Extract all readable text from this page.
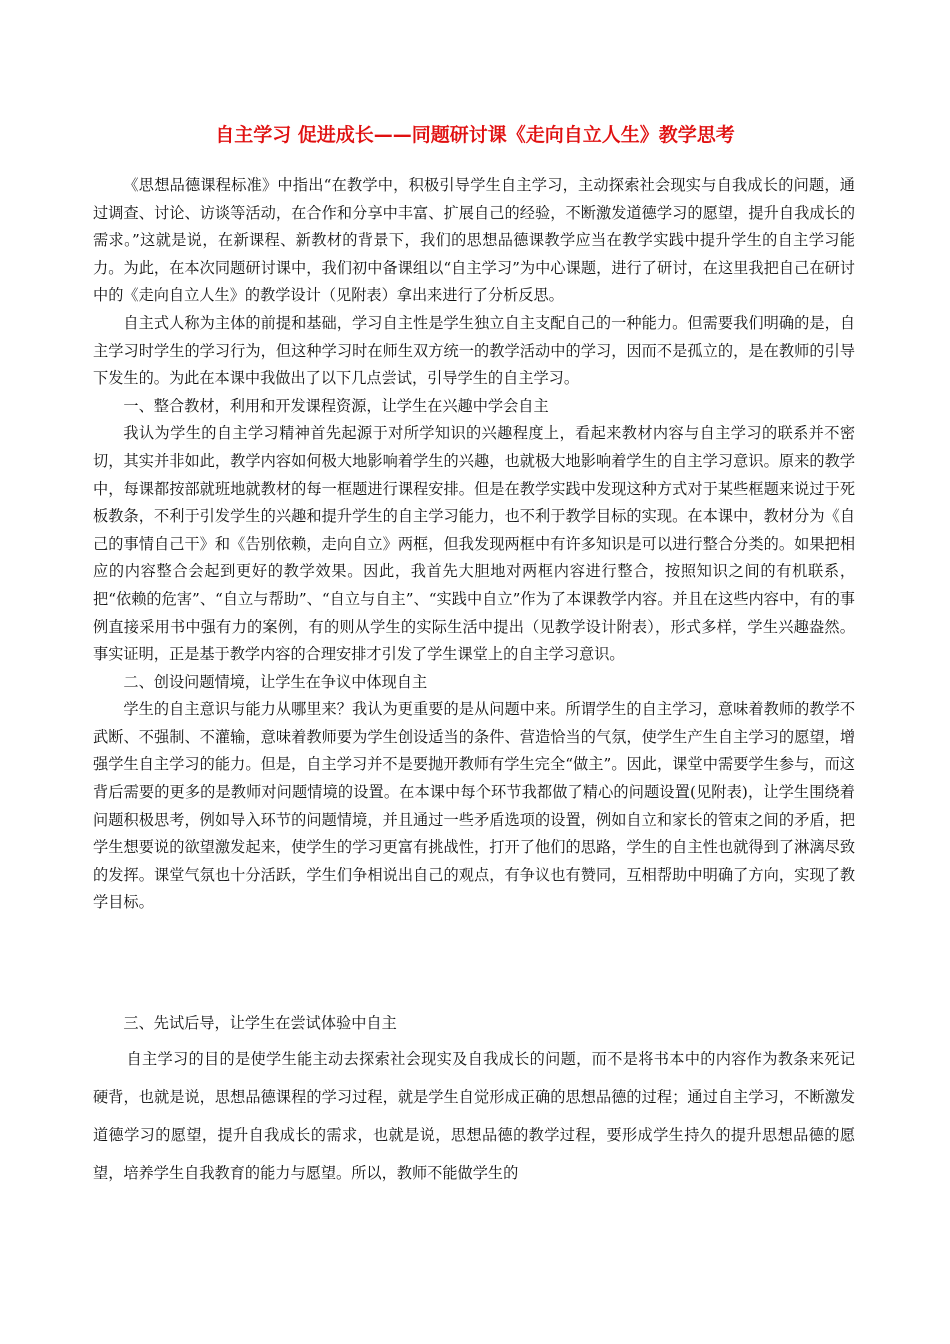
自主学习 促进成长——同题研讨课《走向自立人生》教学思考

《思想品德课程标准》中指出“在教学中，积极引导学生自主学习，主动探索社会现实与自我成长的问题，通过调查、讨论、访谈等活动，在合作和分享中丰富、扩展自己的经验，不断激发道德学习的愿望，提升自我成长的需求。”这就是说，在新课程、新教材的背景下，我们的思想品德课教学应当在教学实践中提升学生的自主学习能力。为此，在本次同题研讨课中，我们初中备课组以“自主学习”为中心课题，进行了研讨，在这里我把自己在研讨中的《走向自立人生》的教学设计（见附表）拿出来进行了分析反思。

自主式人称为主体的前提和基础，学习自主性是学生独立自主支配自己的一种能力。但需要我们明确的是，自主学习时学生的学习行为，但这种学习时在师生双方统一的教学活动中的学习，因而不是孤立的，是在教师的引导下发生的。为此在本课中我做出了以下几点尝试，引导学生的自主学习。

一、整合教材，利用和开发课程资源，让学生在兴趣中学会自主

我认为学生的自主学习精神首先起源于对所学知识的兴趣程度上，看起来教材内容与自主学习的联系并不密切，其实并非如此，教学内容如何极大地影响着学生的兴趣，也就极大地影响着学生的自主学习意识。原来的教学中，每课都按部就班地就教材的每一框题进行课程安排。但是在教学实践中发现这种方式对于某些框题来说过于死板教条，不利于引发学生的兴趣和提升学生的自主学习能力，也不利于教学目标的实现。在本课中，教材分为《自己的事情自己干》和《告别依赖，走向自立》两框，但我发现两框中有许多知识是可以进行整合分类的。如果把相应的内容整合会起到更好的教学效果。因此，我首先大胆地对两框内容进行整合，按照知识之间的有机联系，把“依赖的危害”、“自立与帮助”、“自立与自主”、“实践中自立”作为了本课教学内容。并且在这些内容中，有的事例直接采用书中强有力的案例，有的则从学生的实际生活中提出（见教学设计附表），形式多样，学生兴趣盎然。事实证明，正是基于教学内容的合理安排才引发了学生课堂上的自主学习意识。

二、创设问题情境，让学生在争议中体现自主

学生的自主意识与能力从哪里来？我认为更重要的是从问题中来。所谓学生的自主学习，意味着教师的教学不武断、不强制、不灌输，意味着教师要为学生创设适当的条件、营造恰当的气氛，使学生产生自主学习的愿望，增强学生自主学习的能力。但是，自主学习并不是要抛开教师有学生完全“做主”。因此，课堂中需要学生参与，而这背后需要的更多的是教师对问题情境的设置。在本课中每个环节我都做了精心的问题设置(见附表)，让学生围绕着问题积极思考，例如导入环节的问题情境，并且通过一些矛盾选项的设置，例如自立和家长的管束之间的矛盾，把学生想要说的欲望激发起来，使学生的学习更富有挑战性，打开了他们的思路，学生的自主性也就得到了淋漓尽致的发挥。课堂气氛也十分活跃，学生们争相说出自己的观点，有争议也有赞同，互相帮助中明确了方向，实现了教学目标。

三、先试后导，让学生在尝试体验中自主

自主学习的目的是使学生能主动去探索社会现实及自我成长的问题，而不是将书本中的内容作为教条来死记硬背，也就是说，思想品德课程的学习过程，就是学生自觉形成正确的思想品德的过程；通过自主学习，不断激发道德学习的愿望，提升自我成长的需求，也就是说，思想品德的教学过程，要形成学生持久的提升思想品德的愿望，培养学生自我教育的能力与愿望。所以，教师不能做学生的
